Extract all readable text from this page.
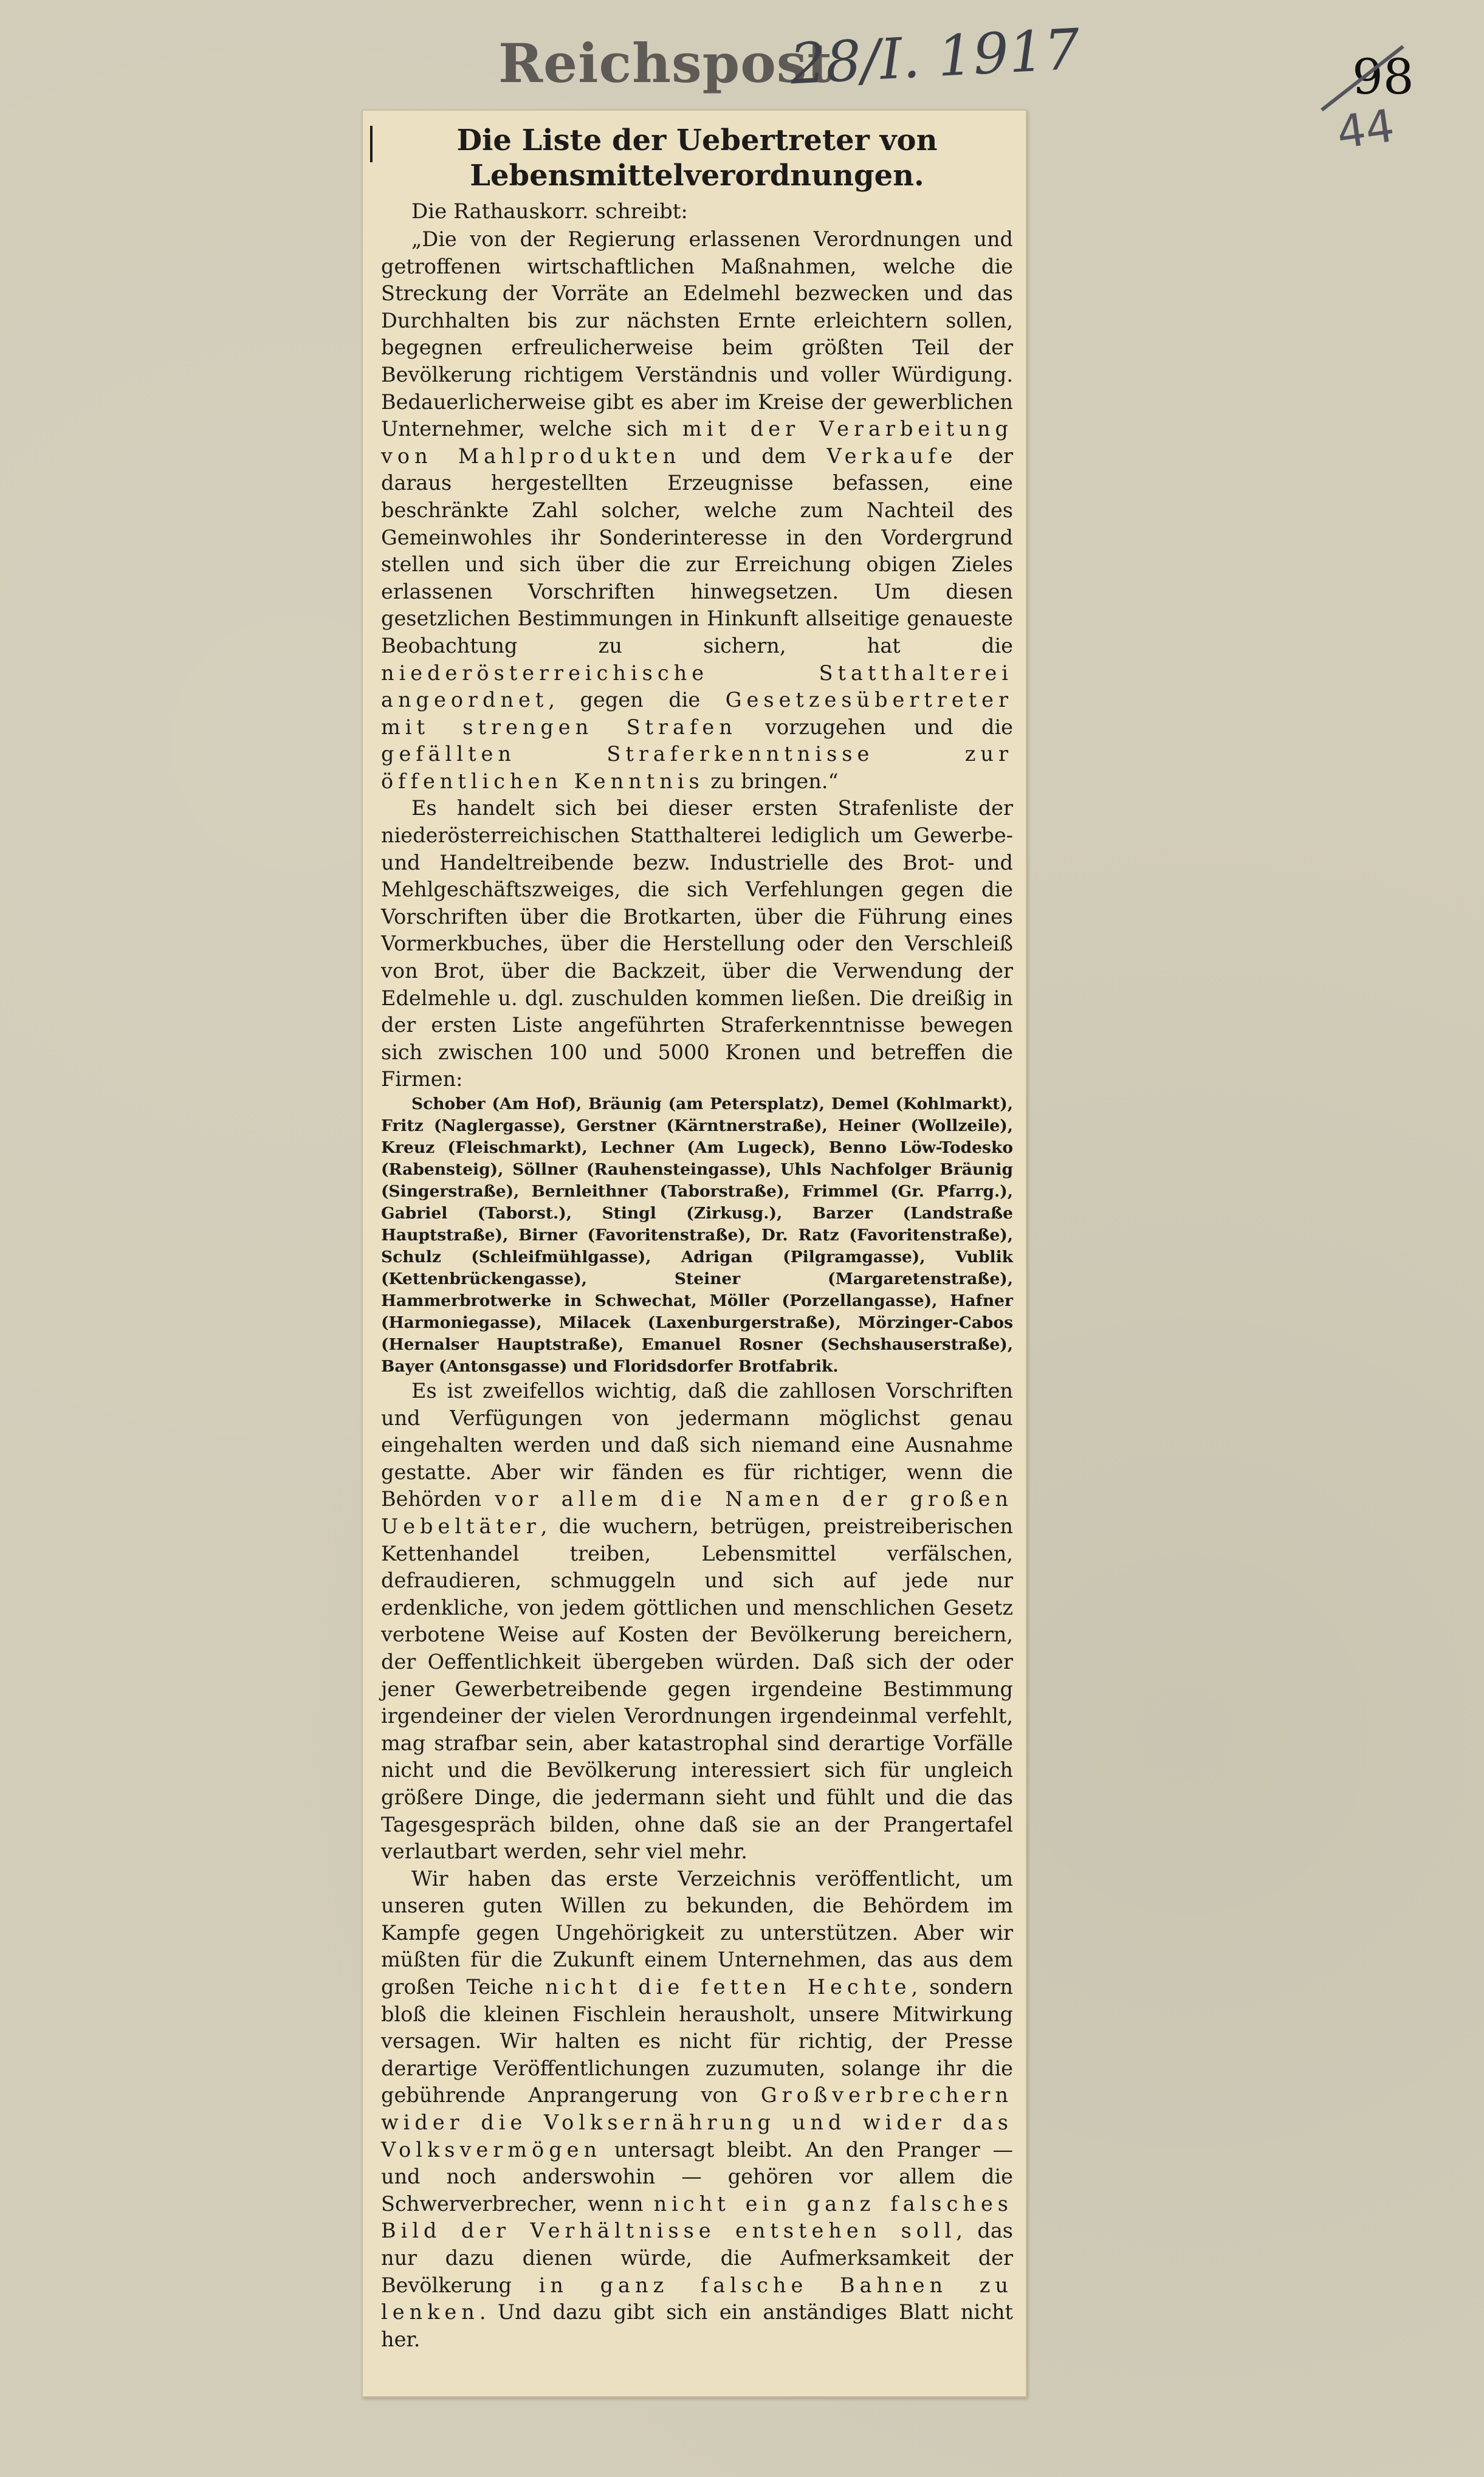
Reichspost
28/I. 1917	98
44
Die Liste der Uebertreter von
Lebensmittelverordnungen.
Die Rathauskorr. schreibt:

„Die von der Regierung erlassenen Verordnungen und getroffenen wirtschaftlichen Maßnahmen, welche die Streckung der Vorräte an Edelmehl bezwecken und das Durchhalten bis zur nächsten Ernte erleichtern sollen, begegnen erfreulicherweise beim größten Teil der Bevölkerung richtigem Verständnis und voller Würdigung. Bedauerlicherweise gibt es aber im Kreise der gewerblichen Unternehmer, welche sich mit der Verarbeitung von Mahlprodukten und dem Verkaufe der daraus hergestellten Erzeugnisse befassen, eine beschränkte Zahl solcher, welche zum Nachteil des Gemeinwohles ihr Sonderinteresse in den Vordergrund stellen und sich über die zur Erreichung obigen Zieles erlassenen Vorschriften hinwegsetzen. Um diesen gesetzlichen Bestimmungen in Hinkunft allseitige genaueste Beobachtung zu sichern, hat die niederösterreichische Statthalterei angeordnet, gegen die Gesetzesübertreter mit strengen Strafen vorzugehen und die gefällten Straferkenntnisse zur öffentlichen Kenntnis zu bringen.“

Es handelt sich bei dieser ersten Strafenliste der niederösterreichischen Statthalterei lediglich um Gewerbe- und Handeltreibende bezw. Industrielle des Brot- und Mehlgeschäftszweiges, die sich Verfehlungen gegen die Vorschriften über die Brotkarten, über die Führung eines Vormerkbuches, über die Herstellung oder den Verschleiß von Brot, über die Backzeit, über die Verwendung der Edelmehle u. dgl. zuschulden kommen ließen. Die dreißig in der ersten Liste angeführten Straferkenntnisse bewegen sich zwischen 100 und 5000 Kronen und betreffen die Firmen:

Schober (Am Hof), Bräunig (am Petersplatz), Demel (Kohlmarkt), Fritz (Naglergasse), Gerstner (Kärntnerstraße), Heiner (Wollzeile), Kreuz (Fleischmarkt), Lechner (Am Lugeck), Benno Löw-Todesko (Rabensteig), Söllner (Rauhensteingasse), Uhls Nachfolger Bräunig (Singerstraße), Bernleithner (Taborstraße), Frimmel (Gr. Pfarrg.), Gabriel (Taborst.), Stingl (Zirkusg.), Barzer (Landstraße Hauptstraße), Birner (Favoritenstraße), Dr. Ratz (Favoritenstraße), Schulz (Schleifmühlgasse), Adrigan (Pilgramgasse), Vublik (Kettenbrückengasse), Steiner (Margaretenstraße), Hammerbrotwerke in Schwechat, Möller (Porzellangasse), Hafner (Harmoniegasse), Milacek (Laxenburgerstraße), Mörzinger-Cabos (Hernalser Hauptstraße), Emanuel Rosner (Sechshauserstraße), Bayer (Antonsgasse) und Floridsdorfer Brotfabrik.

Es ist zweifellos wichtig, daß die zahllosen Vorschriften und Verfügungen von jedermann möglichst genau eingehalten werden und daß sich niemand eine Ausnahme gestatte. Aber wir fänden es für richtiger, wenn die Behörden vor allem die Namen der großen Uebeltäter, die wuchern, betrügen, preistreiberischen Kettenhandel treiben, Lebensmittel verfälschen, defraudieren, schmuggeln und sich auf jede nur erdenkliche, von jedem göttlichen und menschlichen Gesetz verbotene Weise auf Kosten der Bevölkerung bereichern, der Oeffentlichkeit übergeben würden. Daß sich der oder jener Gewerbetreibende gegen irgendeine Bestimmung irgendeiner der vielen Verordnungen irgendeinmal verfehlt, mag strafbar sein, aber katastrophal sind derartige Vorfälle nicht und die Bevölkerung interessiert sich für ungleich größere Dinge, die jedermann sieht und fühlt und die das Tagesgespräch bilden, ohne daß sie an der Prangertafel verlautbart werden, sehr viel mehr.

Wir haben das erste Verzeichnis veröffentlicht, um unseren guten Willen zu bekunden, die Behördem im Kampfe gegen Ungehörigkeit zu unterstützen. Aber wir müßten für die Zukunft einem Unternehmen, das aus dem großen Teiche nicht die fetten Hechte, sondern bloß die kleinen Fischlein herausholt, unsere Mitwirkung versagen. Wir halten es nicht für richtig, der Presse derartige Veröffentlichungen zuzumuten, solange ihr die gebührende Anprangerung von Großverbrechern wider die Volksernährung und wider das Volksvermögen untersagt bleibt. An den Pranger — und noch anderswohin — gehören vor allem die Schwerverbrecher, wenn nicht ein ganz falsches Bild der Verhältnisse entstehen soll, das nur dazu dienen würde, die Aufmerksamkeit der Bevölkerung in ganz falsche Bahnen zu lenken. Und dazu gibt sich ein anständiges Blatt nicht her.
